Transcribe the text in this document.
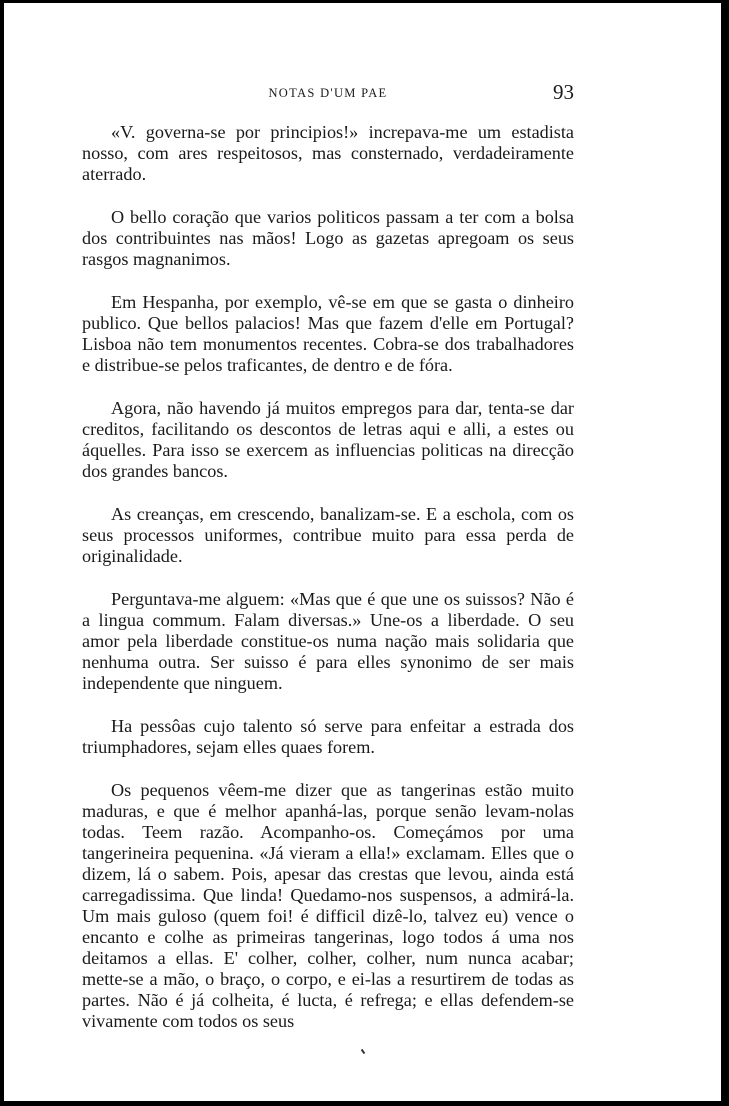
NOTAS D'UM PAE	93

«V. governa-se por principios!» increpava-me um estadista nosso, com ares respeitosos, mas consternado, verdadeiramente aterrado.

O bello coração que varios politicos passam a ter com a bolsa dos contribuintes nas mãos! Logo as gazetas apregoam os seus rasgos magnanimos.

Em Hespanha, por exemplo, vê-se em que se gasta o dinheiro publico. Que bellos palacios! Mas que fazem d'elle em Portugal? Lisboa não tem monumentos recentes. Cobra-se dos trabalhadores e distribue-se pelos traficantes, de dentro e de fóra.

Agora, não havendo já muitos empregos para dar, tenta-se dar creditos, facilitando os descontos de letras aqui e alli, a estes ou áquelles. Para isso se exercem as influencias politicas na direcção dos grandes bancos.

As creanças, em crescendo, banalizam-se. E a eschola, com os seus processos uniformes, contribue muito para essa perda de originalidade.

Perguntava-me alguem: «Mas que é que une os suissos? Não é a lingua commum. Falam diversas.» Une-os a liberdade. O seu amor pela liberdade constitue-os numa nação mais solidaria que nenhuma outra. Ser suisso é para elles synonimo de ser mais independente que ninguem.

Ha pessôas cujo talento só serve para enfeitar a estrada dos triumphadores, sejam elles quaes forem.

Os pequenos vêem-me dizer que as tangerinas estão muito maduras, e que é melhor apanhá-las, porque senão levam-nolas todas. Teem razão. Acompanho-os. Começámos por uma tangerineira pequenina. «Já vieram a ella!» exclamam. Elles que o dizem, lá o sabem. Pois, apesar das crestas que levou, ainda está carregadissima. Que linda! Quedamo-nos suspensos, a admirá-la. Um mais guloso (quem foi! é difficil dizê-lo, talvez eu) vence o encanto e colhe as primeiras tangerinas, logo todos á uma nos deitamos a ellas. E' colher, colher, colher, num nunca acabar; mette-se a mão, o braço, o corpo, e ei-las a resurtirem de todas as partes. Não é já colheita, é lucta, é refrega; e ellas defendem-se vivamente com todos os seus
